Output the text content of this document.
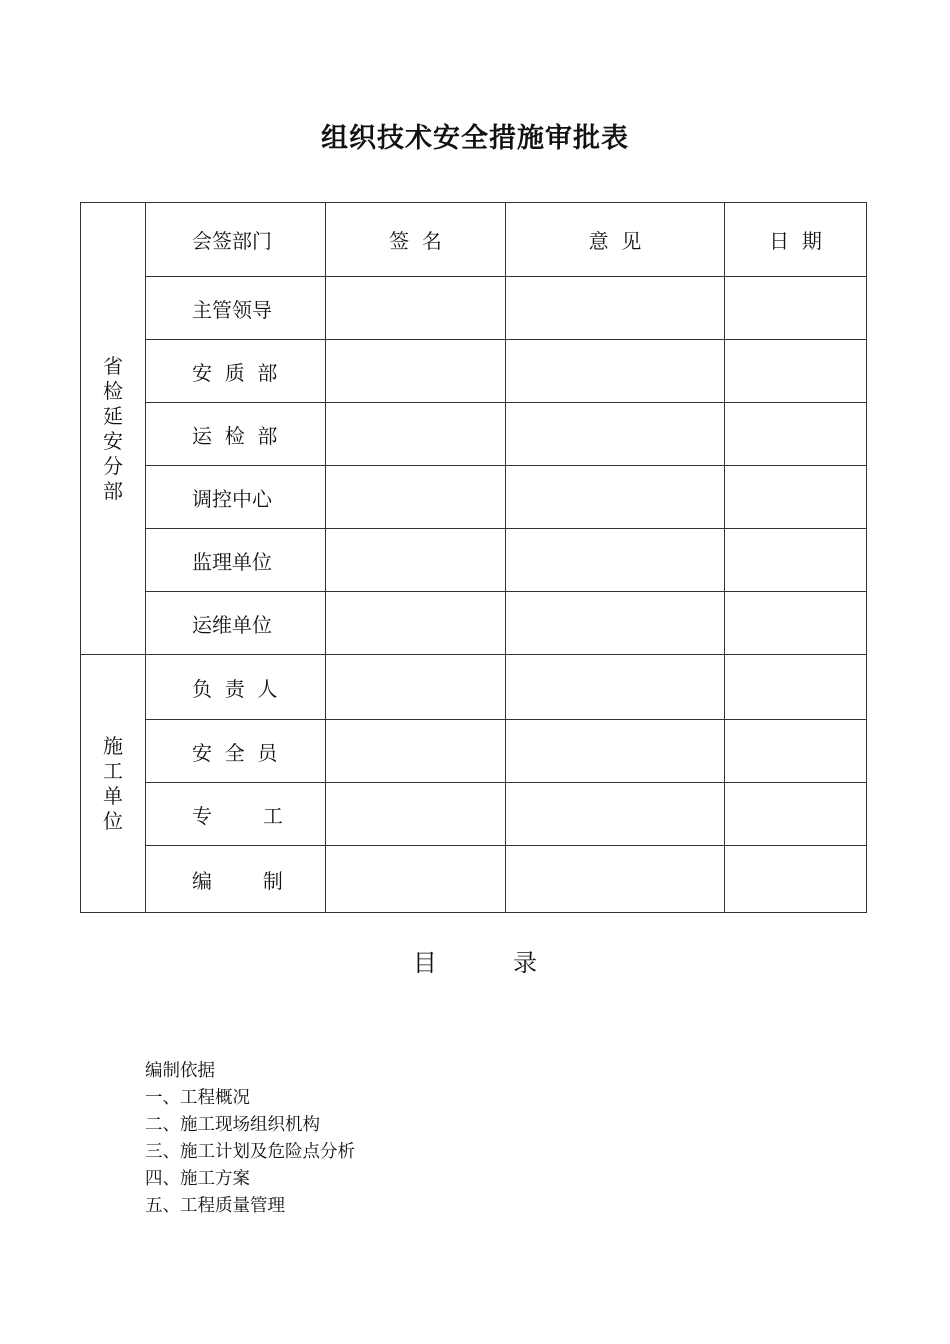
组织技术安全措施审批表
省检延安分部	会签部门	签  名	意  见	日  期
	主管领导			
	安  质  部			
	运  检  部			
	调控中心			
	监理单位			
	运维单位			
施工单位	负  责  人			
	安  全  员			
	专        工			
	编        制			
目          录
编制依据
一、工程概况
二、施工现场组织机构
三、施工计划及危险点分析
四、施工方案
五、工程质量管理
